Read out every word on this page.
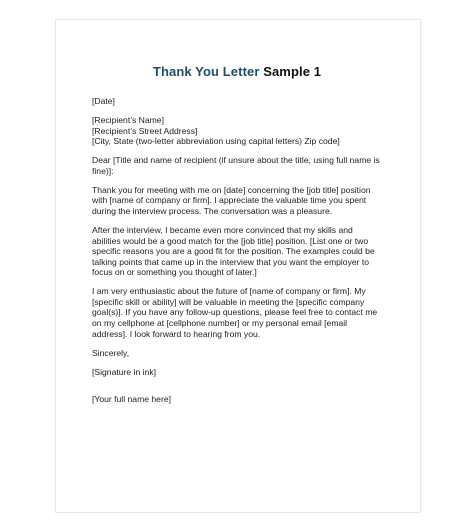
Thank You Letter Sample 1

[Date]

[Recipient’s Name]
[Recipient’s Street Address]
[City, State (two-letter abbreviation using capital letters) Zip code]

Dear [Title and name of recipient (if unsure about the title, using full name is
fine)]:

Thank you for meeting with me on [date] concerning the [job title] position
with [name of company or firm]. I appreciate the valuable time you spent
during the interview process. The conversation was a pleasure.

After the interview, I became even more convinced that my skills and
abilities would be a good match for the [job title] position. [List one or two
specific reasons you are a good fit for the position. The examples could be
talking points that came up in the interview that you want the employer to
focus on or something you thought of later.]

I am very enthusiastic about the future of [name of company or firm]. My
[specific skill or ability] will be valuable in meeting the [specific company
goal(s)]. If you have any follow-up questions, please feel free to contact me
on my cellphone at [cellphone number] or my personal email [email
address]. I look forward to hearing from you.

Sincerely,

[Signature in ink]

[Your full name here]
